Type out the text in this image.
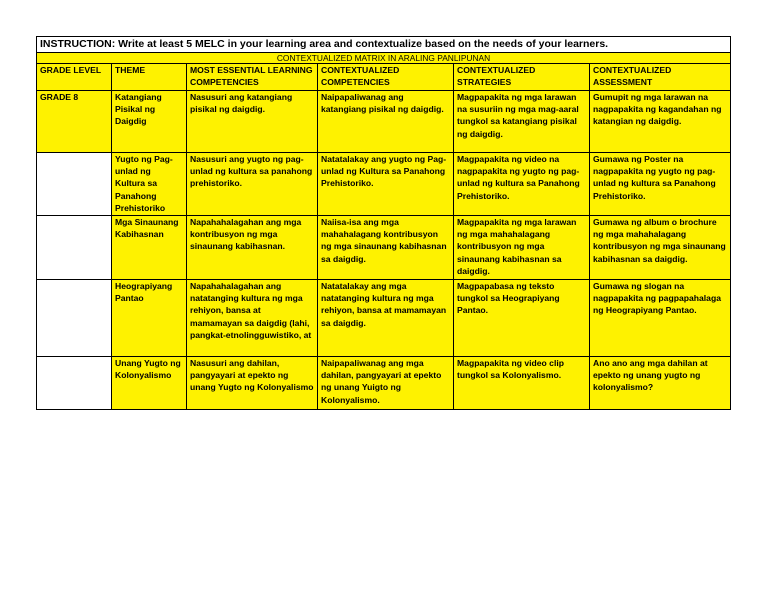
INSTRUCTION: Write at least 5 MELC in your learning area and contextualize based on the needs of your learners.					
CONTEXTUALIZED MATRIX IN ARALING PANLIPUNAN					
GRADE LEVEL	THEME	MOST ESSENTIAL LEARNING COMPETENCIES	CONTEXTUALIZED COMPETENCIES	CONTEXTUALIZED STRATEGIES	CONTEXTUALIZED ASSESSMENT
GRADE 8	Katangiang Pisikal ng Daigdig	Nasusuri ang katangiang pisikal ng daigdig.	Naipapaliwanag ang katangiang pisikal ng daigdig.	Magpapakita ng mga larawan na susuriin ng mga mag-aaral tungkol sa katangiang pisikal ng daigdig.	Gumupit ng mga larawan na nagpapakita ng kagandahan ng katangian ng daigdig.
	Yugto ng Pag-unlad ng Kultura sa Panahong Prehistoriko	Nasusuri ang yugto ng pag-unlad ng kultura sa panahong prehistoriko.	Natatalakay ang yugto ng Pag-unlad ng Kultura sa Panahong Prehistoriko.	Magpapakita ng video na nagpapakita ng yugto ng pag-unlad ng kultura sa Panahong Prehistoriko.	Gumawa ng Poster na nagpapakita ng yugto ng pag-unlad ng kultura sa Panahong Prehistoriko.
	Mga Sinaunang Kabihasnan	Napahahalagahan ang mga kontribusyon ng mga sinaunang kabihasnan.	Naiisa-isa ang mga mahahalagang kontribusyon ng mga sinaunang kabihasnan sa daigdig.	Magpapakita ng mga larawan ng mga mahahalagang kontribusyon ng mga sinaunang kabihasnan sa daigdig.	Gumawa ng album o brochure ng mga mahahalagang kontribusyon ng mga sinaunang kabihasnan sa daigdig.
	Heograpiyang Pantao	Napahahalagahan ang natatanging kultura ng mga rehiyon, bansa at mamamayan sa daigdig (lahi, pangkat-etnolingguwistiko, at	Natatalakay ang mga natatanging kultura ng mga rehiyon, bansa at mamamayan sa daigdig.	Magpapabasa ng teksto tungkol sa Heograpiyang Pantao.	Gumawa ng slogan na nagpapakita ng pagpapahalaga ng Heograpiyang Pantao.
	Unang Yugto ng Kolonyalismo	Nasusuri ang dahilan, pangyayari at epekto ng unang Yugto ng Kolonyalismo	Naipapaliwanag ang mga dahilan, pangyayari at epekto ng unang Yuigto ng Kolonyalismo.	Magpapakita ng video clip tungkol sa Kolonyalismo.	Ano ano ang mga dahilan at epekto ng unang yugto ng kolonyalismo?
